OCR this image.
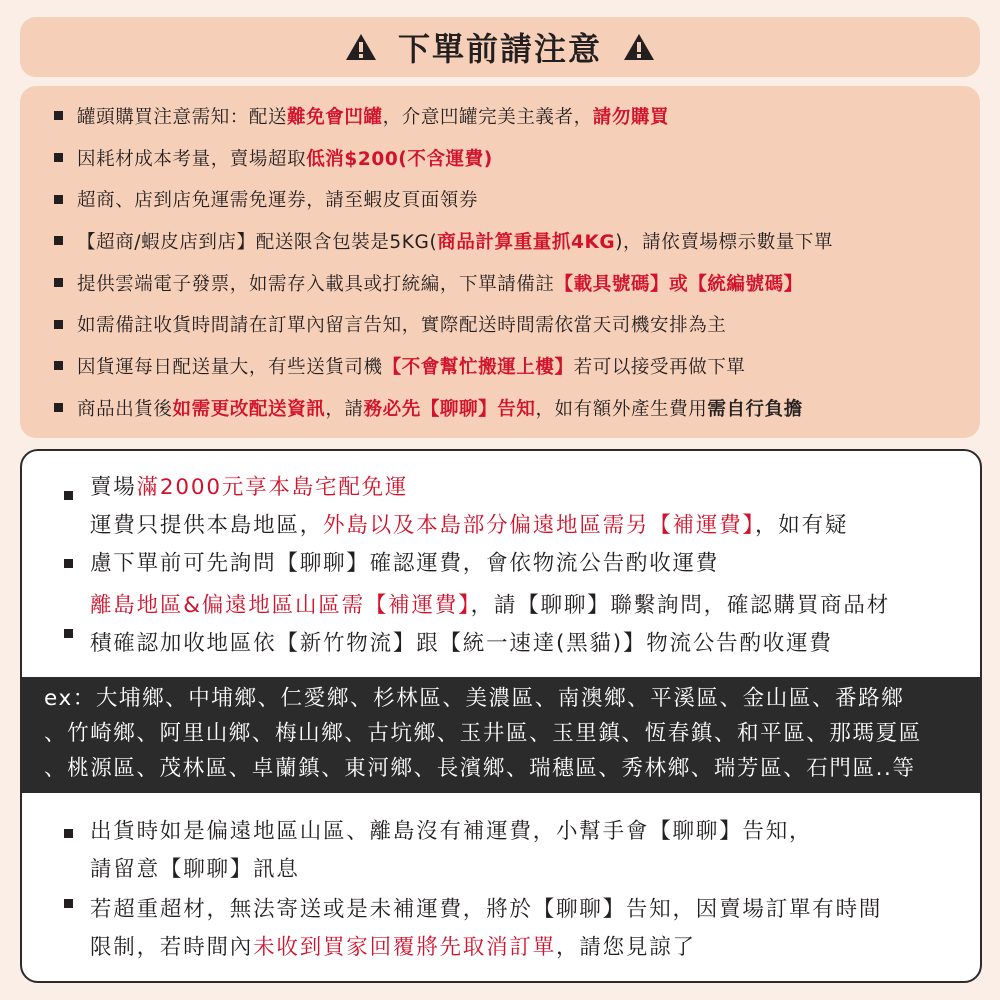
下單前請注意
罐頭購買注意需知：配送 難免會凹罐 ，介意凹罐完美主義者， 請勿購買
因耗材成本考量，賣場超取 低消$200(不含運費)
超商、店到店免運需免運券，請至蝦皮頁面領券
【超商/蝦皮店到店】配送限含包裝是5KG( 商品計算重量抓4KG )，請依賣場標示數量下單
提供雲端電子發票，如需存入載具或打統編，下單請備註 【載具號碼】或【統編號碼】
如需備註收貨時間請在訂單內留言告知，實際配送時間需依當天司機安排為主
因貨運每日配送量大，有些送貨司機 【不會幫忙搬運上樓】 若可以接受再做下單
商品出貨後 如需更改配送資訊 ，請 務必先【聊聊】告知 ，如有額外產生費用 需自行負擔
賣場滿2000元享本島宅配免運
運費只提供本島地區，外島以及本島部分偏遠地區需另【補運費】，如有疑
慮下單前可先詢問【聊聊】確認運費，會依物流公告酌收運費
離島地區&偏遠地區山區需【補運費】，請【聊聊】聯繫詢問，確認購買商品材
積確認加收地區依【新竹物流】跟【統一速達(黑貓)】物流公告酌收運費
ex：大埔鄉、中埔鄉、仁愛鄉、杉林區、美濃區、南澳鄉、平溪區、金山區、番路鄉
、竹崎鄉、阿里山鄉、梅山鄉、古坑鄉、玉井區、玉里鎮、恆春鎮、和平區、那瑪夏區
、桃源區、茂林區、卓蘭鎮、東河鄉、長濱鄉、瑞穗區、秀林鄉、瑞芳區、石門區..等
出貨時如是偏遠地區山區、離島沒有補運費，小幫手會【聊聊】告知，
請留意【聊聊】訊息
若超重超材，無法寄送或是未補運費，將於【聊聊】告知，因賣場訂單有時間
限制，若時間內未收到買家回覆將先取消訂單，請您見諒了
